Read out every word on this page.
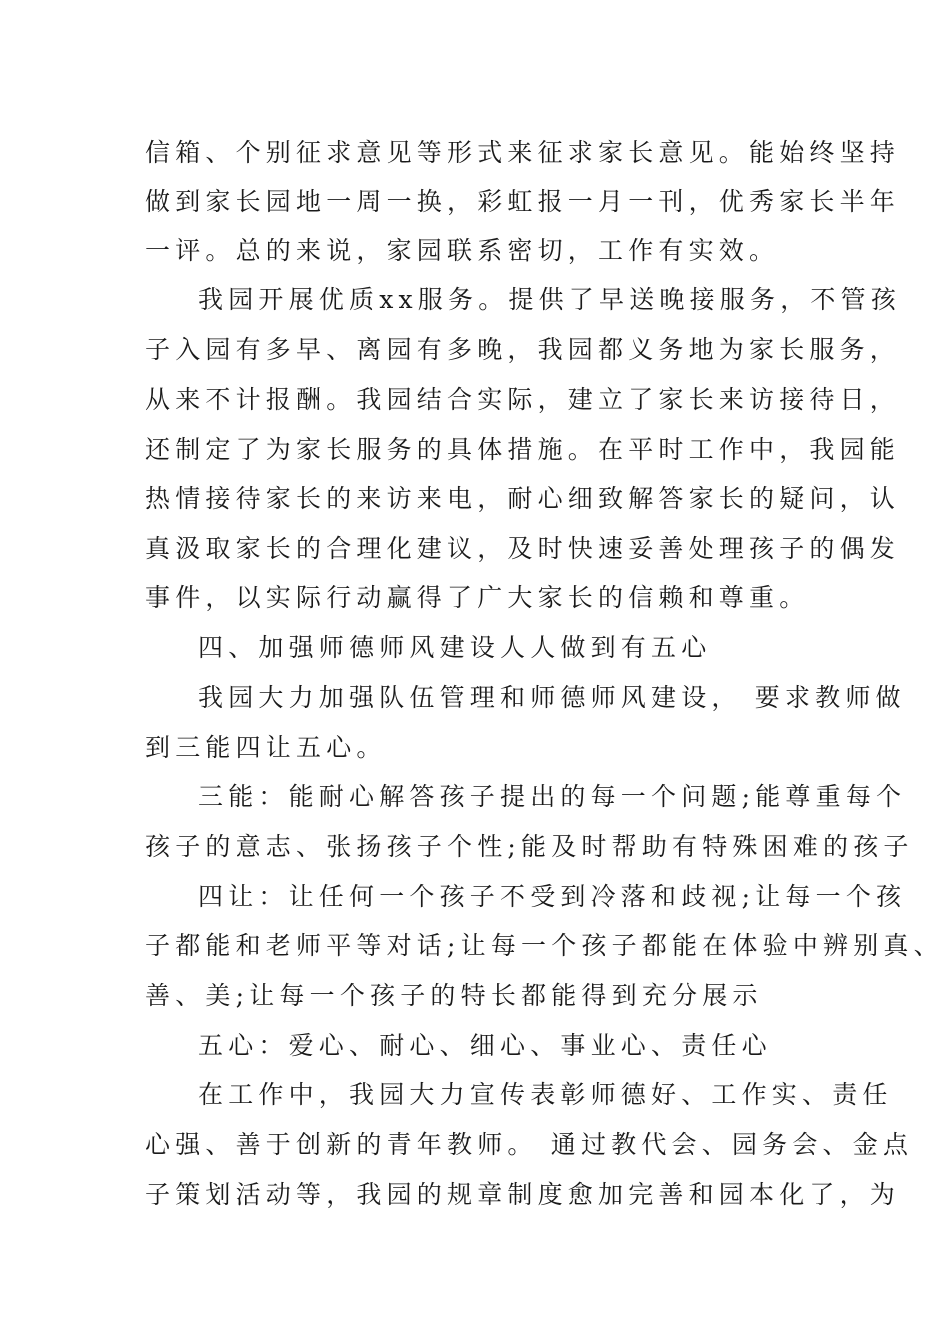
信箱、个别征求意见等形式来征求家长意见。能始终坚持
做到家长园地一周一换，彩虹报一月一刊，优秀家长半年
一评。总的来说，家园联系密切，工作有实效。
我园开展优质xx服务。提供了早送晚接服务，不管孩
子入园有多早、离园有多晚，我园都义务地为家长服务，
从来不计报酬。我园结合实际，建立了家长来访接待日，
还制定了为家长服务的具体措施。在平时工作中，我园能
热情接待家长的来访来电，耐心细致解答家长的疑问，认
真汲取家长的合理化建议，及时快速妥善处理孩子的偶发
事件，以实际行动赢得了广大家长的信赖和尊重。
四、加强师德师风建设人人做到有五心
我园大力加强队伍管理和师德师风建设， 要求教师做
到三能四让五心。
三能：能耐心解答孩子提出的每一个问题;能尊重每个
孩子的意志、张扬孩子个性;能及时帮助有特殊困难的孩子
四让：让任何一个孩子不受到冷落和歧视;让每一个孩
子都能和老师平等对话;让每一个孩子都能在体验中辨别真、
善、美;让每一个孩子的特长都能得到充分展示
五心：爱心、耐心、细心、事业心、责任心
在工作中，我园大力宣传表彰师德好、工作实、责任
心强、善于创新的青年教师。 通过教代会、园务会、金点
子策划活动等，我园的规章制度愈加完善和园本化了，为
